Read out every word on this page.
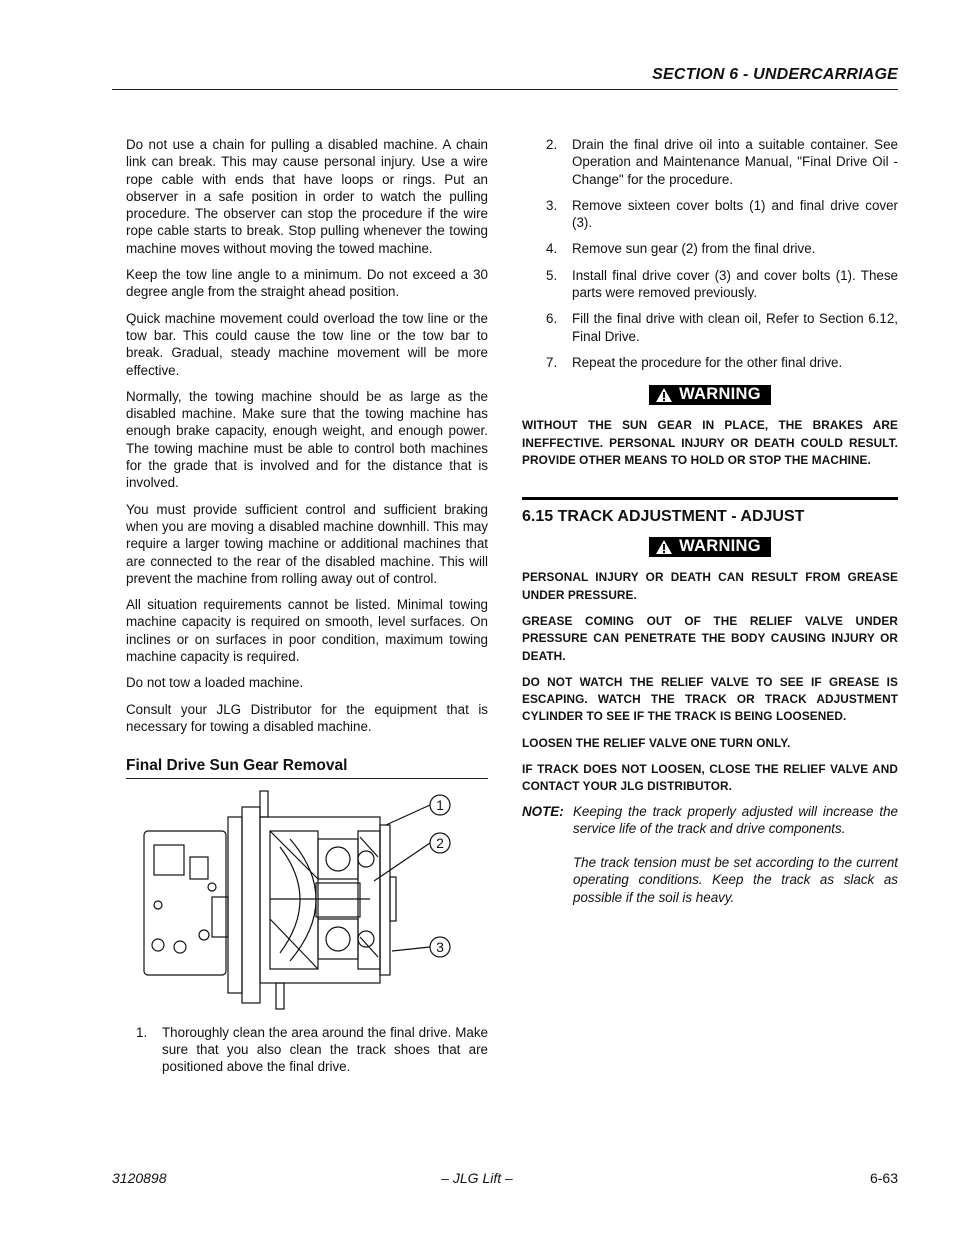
SECTION 6 - UNDERCARRIAGE

Do not use a chain for pulling a disabled machine. A chain link can break. This may cause personal injury. Use a wire rope cable with ends that have loops or rings. Put an observer in a safe position in order to watch the pulling procedure. The observer can stop the procedure if the wire rope cable starts to break. Stop pulling whenever the towing machine moves without moving the towed machine.

Keep the tow line angle to a minimum. Do not exceed a 30 degree angle from the straight ahead position.

Quick machine movement could overload the tow line or the tow bar. This could cause the tow line or the tow bar to break. Gradual, steady machine movement will be more effective.

Normally, the towing machine should be as large as the disabled machine. Make sure that the towing machine has enough brake capacity, enough weight, and enough power. The towing machine must be able to control both machines for the grade that is involved and for the distance that is involved.

You must provide sufficient control and sufficient braking when you are moving a disabled machine downhill. This may require a larger towing machine or additional machines that are connected to the rear of the disabled machine. This will prevent the machine from rolling away out of control.

All situation requirements cannot be listed. Minimal towing machine capacity is required on smooth, level surfaces. On inclines or on surfaces in poor condition, maximum towing machine capacity is required.

Do not tow a loaded machine.

Consult your JLG Distributor for the equipment that is necessary for towing a disabled machine.

Final Drive Sun Gear Removal
1
2
3
1.	Thoroughly clean the area around the final drive. Make sure that you also clean the track shoes that are positioned above the final drive.
2.	Drain the final drive oil into a suitable container. See Operation and Maintenance Manual, "Final Drive Oil - Change" for the procedure.
3.	Remove sixteen cover bolts (1) and final drive cover (3).
4.	Remove sun gear (2) from the final drive.
5.	Install final drive cover (3) and cover bolts (1). These parts were removed previously.
6.	Fill the final drive with clean oil, Refer to Section 6.12, Final Drive.
7.	Repeat the procedure for the other final drive.
WARNING

WITHOUT THE SUN GEAR IN PLACE, THE BRAKES ARE INEFFECTIVE. PERSONAL INJURY OR DEATH COULD RESULT. PROVIDE OTHER MEANS TO HOLD OR STOP THE MACHINE.

6.15 TRACK ADJUSTMENT - ADJUST
WARNING

PERSONAL INJURY OR DEATH CAN RESULT FROM GREASE UNDER PRESSURE.

GREASE COMING OUT OF THE RELIEF VALVE UNDER PRESSURE CAN PENETRATE THE BODY CAUSING INJURY OR DEATH.

DO NOT WATCH THE RELIEF VALVE TO SEE IF GREASE IS ESCAPING. WATCH THE TRACK OR TRACK ADJUSTMENT CYLINDER TO SEE IF THE TRACK IS BEING LOOSENED.

LOOSEN THE RELIEF VALVE ONE TURN ONLY.

IF TRACK DOES NOT LOOSEN, CLOSE THE RELIEF VALVE AND CONTACT YOUR JLG DISTRIBUTOR.

NOTE: Keeping the track properly adjusted will increase the service life of the track and drive components.

The track tension must be set according to the current operating conditions. Keep the track as slack as possible if the soil is heavy.

3120898	– JLG Lift –	6-63
